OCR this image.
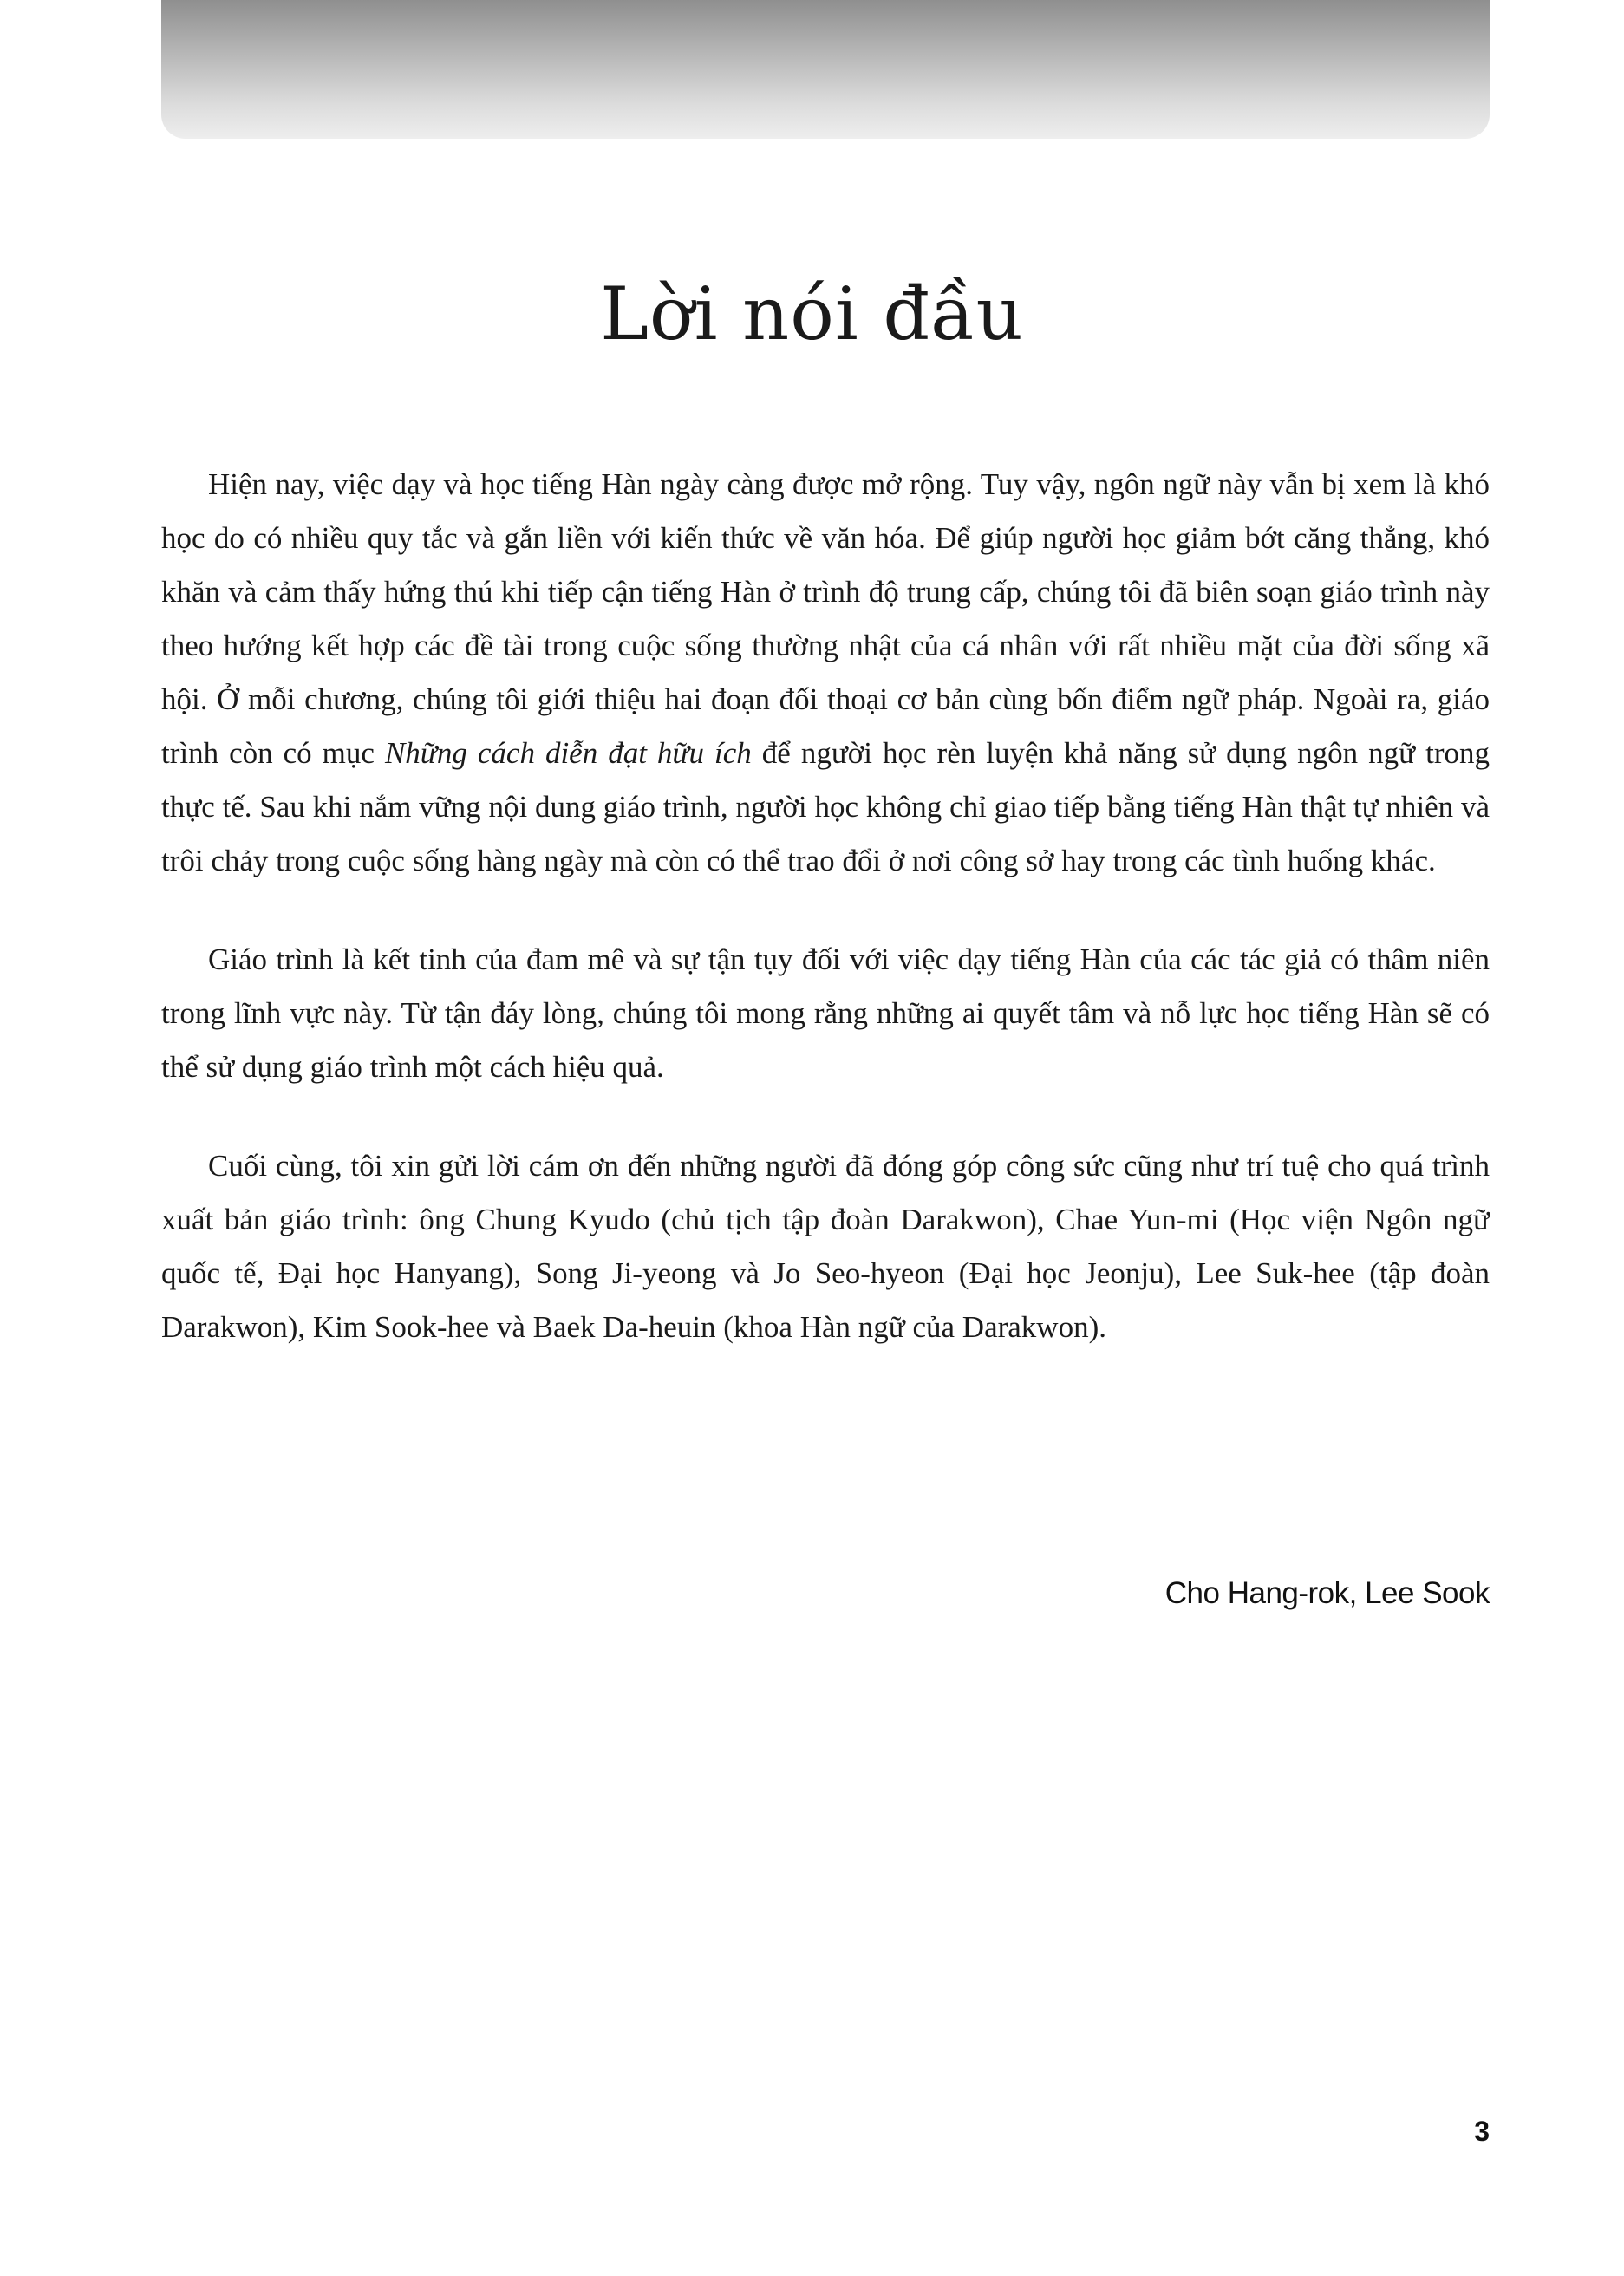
Lời nói đầu

Hiện nay, việc dạy và học tiếng Hàn ngày càng được mở rộng. Tuy vậy, ngôn ngữ này vẫn bị xem là khó học do có nhiều quy tắc và gắn liền với kiến thức về văn hóa. Để giúp người học giảm bớt căng thẳng, khó khăn và cảm thấy hứng thú khi tiếp cận tiếng Hàn ở trình độ trung cấp, chúng tôi đã biên soạn giáo trình này theo hướng kết hợp các đề tài trong cuộc sống thường nhật của cá nhân với rất nhiều mặt của đời sống xã hội. Ở mỗi chương, chúng tôi giới thiệu hai đoạn đối thoại cơ bản cùng bốn điểm ngữ pháp. Ngoài ra, giáo trình còn có mục Những cách diễn đạt hữu ích để người học rèn luyện khả năng sử dụng ngôn ngữ trong thực tế. Sau khi nắm vững nội dung giáo trình, người học không chỉ giao tiếp bằng tiếng Hàn thật tự nhiên và trôi chảy trong cuộc sống hàng ngày mà còn có thể trao đổi ở nơi công sở hay trong các tình huống khác.

Giáo trình là kết tinh của đam mê và sự tận tụy đối với việc dạy tiếng Hàn của các tác giả có thâm niên trong lĩnh vực này. Từ tận đáy lòng, chúng tôi mong rằng những ai quyết tâm và nỗ lực học tiếng Hàn sẽ có thể sử dụng giáo trình một cách hiệu quả.

Cuối cùng, tôi xin gửi lời cám ơn đến những người đã đóng góp công sức cũng như trí tuệ cho quá trình xuất bản giáo trình: ông Chung Kyudo (chủ tịch tập đoàn Darakwon), Chae Yun-mi (Học viện Ngôn ngữ quốc tế, Đại học Hanyang), Song Ji-yeong và Jo Seo-hyeon (Đại học Jeonju), Lee Suk-hee (tập đoàn Darakwon), Kim Sook-hee và Baek Da-heuin (khoa Hàn ngữ của Darakwon).

Cho Hang-rok, Lee Sook
3
